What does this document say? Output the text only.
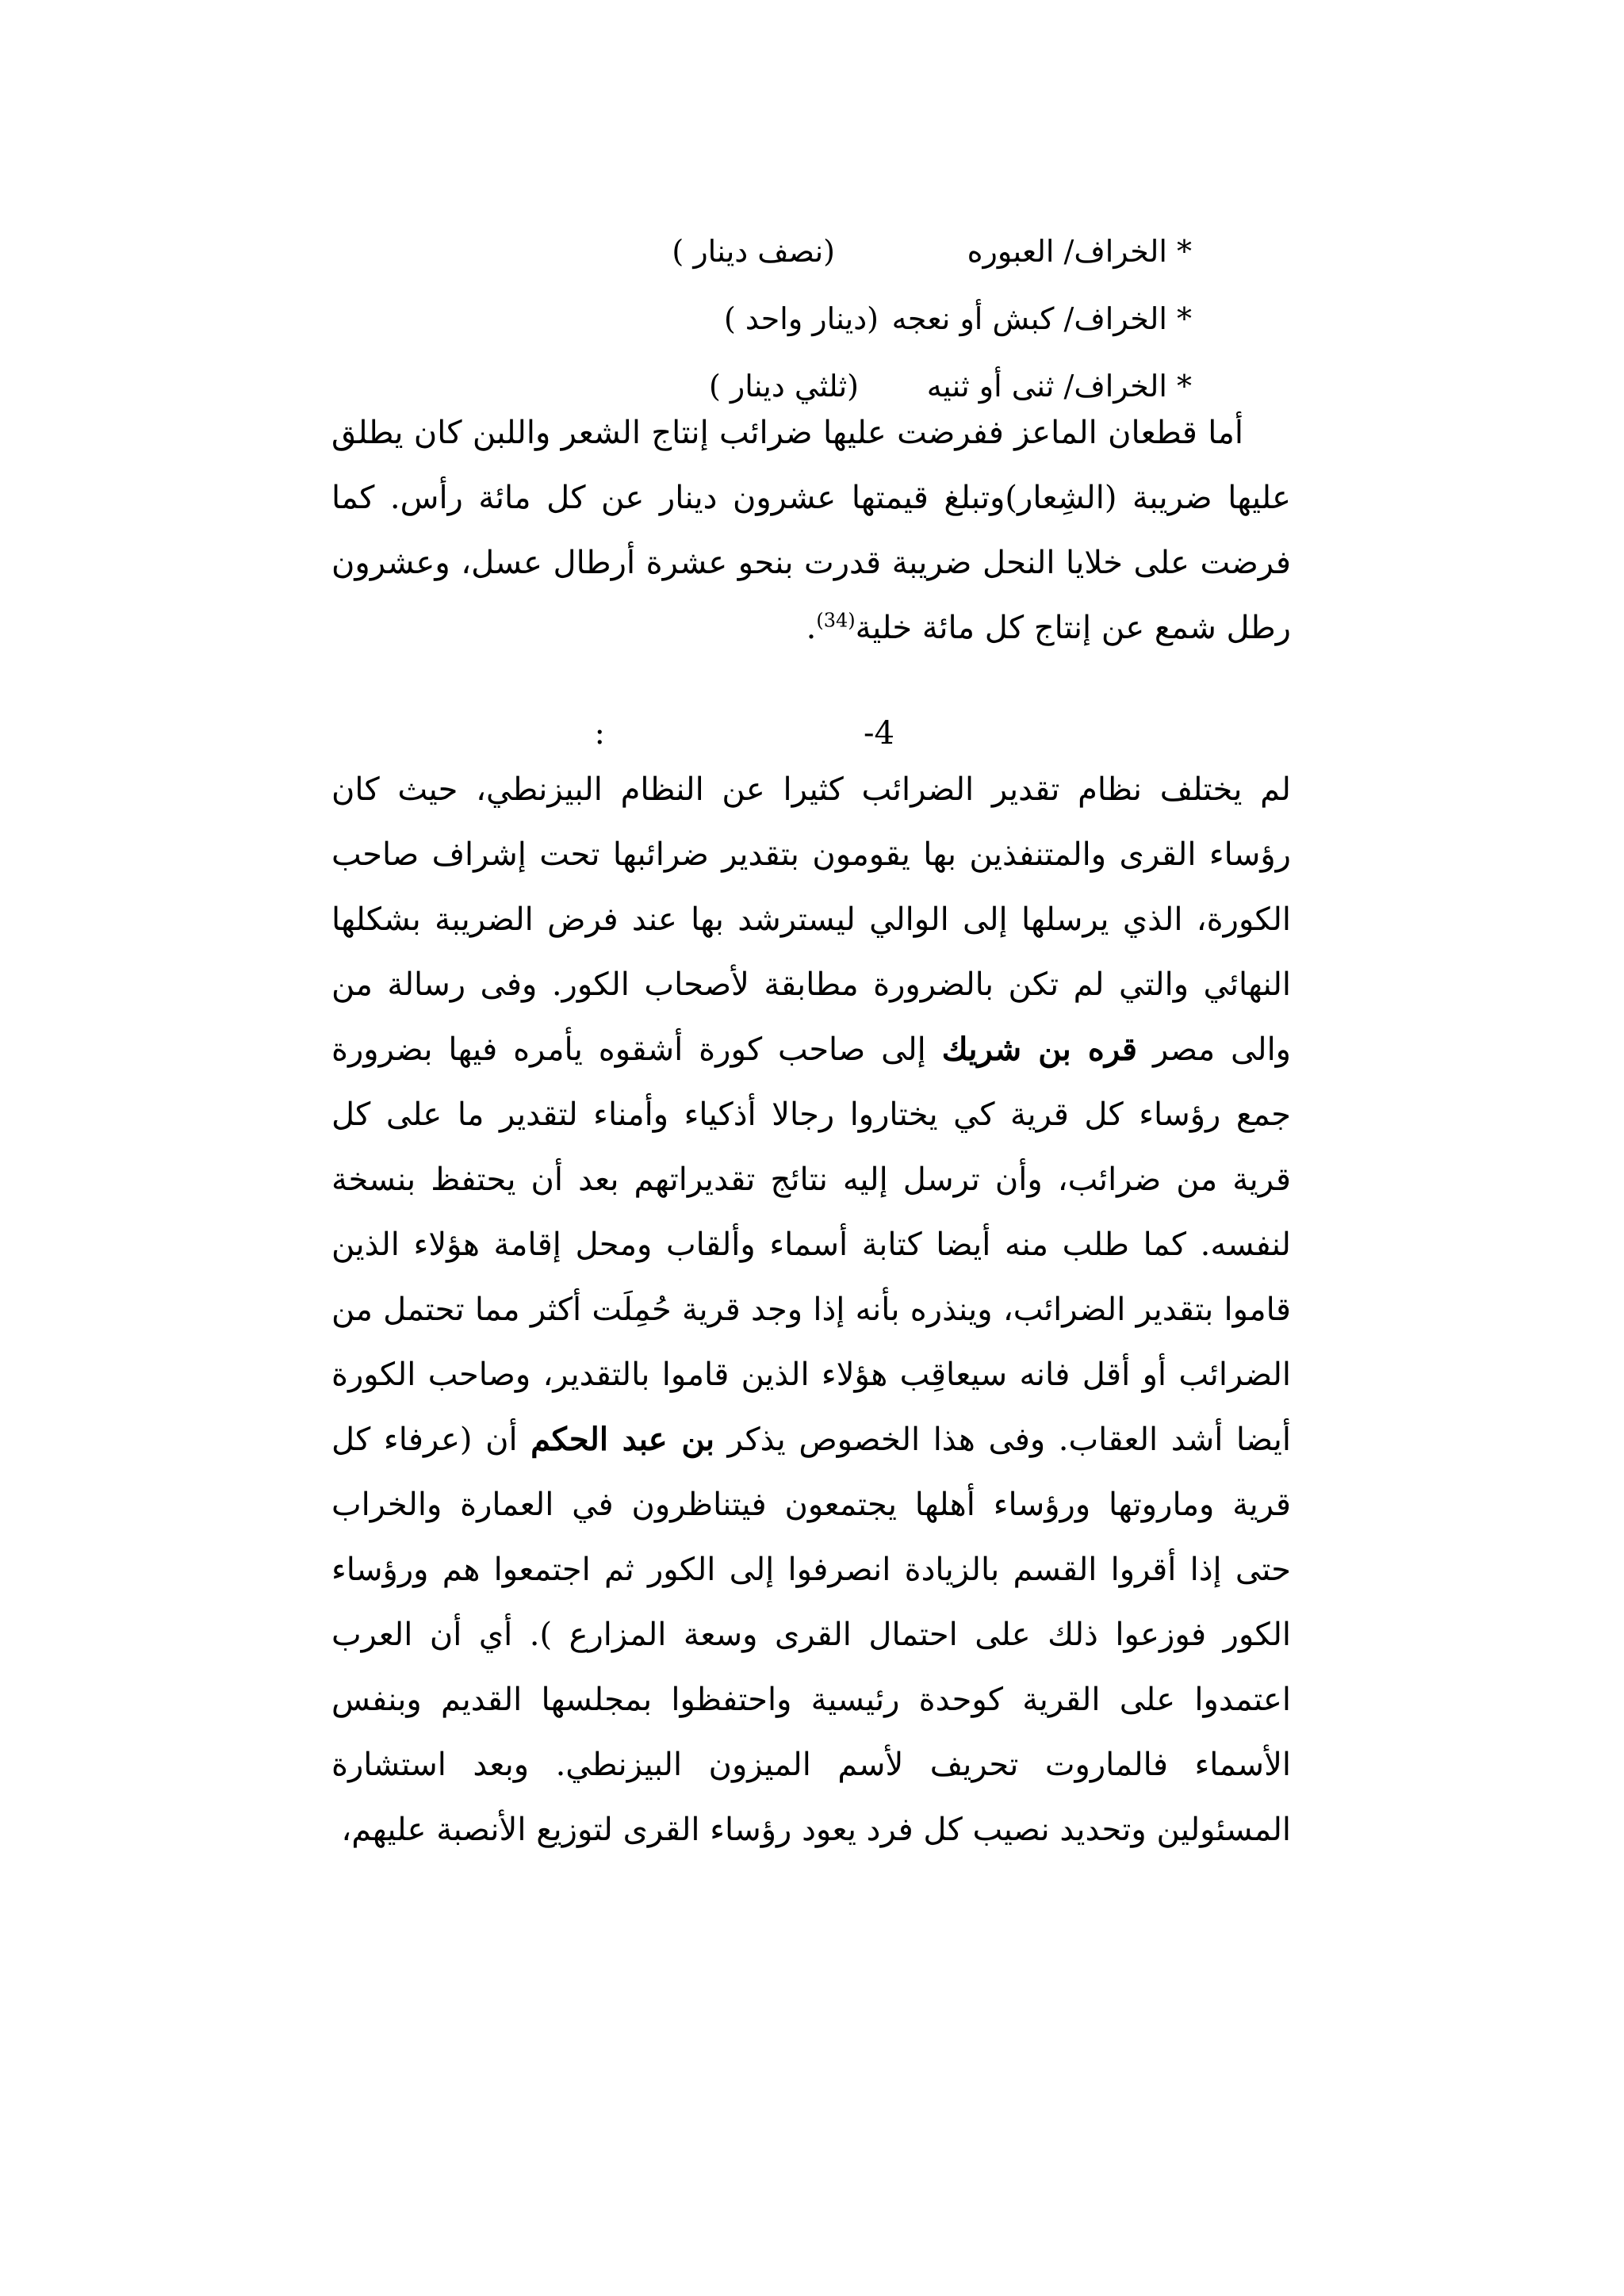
* الخراف/ العبوره
(نصف دينار )
* الخراف/ كبش أو نعجه
(دينار واحد )
* الخراف/ ثنى أو ثنيه
(ثلثي دينار )
أما قطعان الماعز ففرضت عليها ضرائب إنتاج الشعر واللبن كان يطلق عليها ضريبة (الشِعار)وتبلغ قيمتها عشرون دينار عن كل مائة رأس. كما فرضت على خلايا النحل ضريبة قدرت بنحو عشرة أرطال عسل، وعشرون رطل شمع عن إنتاج كل مائة خلية$^{(34)}$.
4-
:
لم يختلف نظام تقدير الضرائب كثيرا عن النظام البيزنطي، حيث كان رؤساء القرى والمتنفذين بها يقومون بتقدير ضرائبها تحت إشراف صاحب الكورة، الذي يرسلها إلى الوالي ليسترشد بها عند فرض الضريبة بشكلها النهائي والتي لم تكن بالضرورة مطابقة لأصحاب الكور. وفى رسالة من والى مصر قره بن شريك إلى صاحب كورة أشقوه يأمره فيها بضرورة جمع رؤساء كل قرية كي يختاروا رجالا أذكياء وأمناء لتقدير ما على كل قرية من ضرائب، وأن ترسل إليه نتائج تقديراتهم بعد أن يحتفظ بنسخة لنفسه. كما طلب منه أيضا كتابة أسماء وألقاب ومحل إقامة هؤلاء الذين قاموا بتقدير الضرائب، وينذره بأنه إذا وجد قرية حُمِلَت أكثر مما تحتمل من الضرائب أو أقل فانه سيعاقِب هؤلاء الذين قاموا بالتقدير، وصاحب الكورة أيضا أشد العقاب. وفى هذا الخصوص يذكر بن عبد الحكم أن (عرفاء كل قرية وماروتها ورؤساء أهلها يجتمعون فيتناظرون في العمارة والخراب حتى إذا أقروا القسم بالزيادة انصرفوا إلى الكور ثم اجتمعوا هم ورؤساء الكور فوزعوا ذلك على احتمال القرى وسعة المزارع ). أي أن العرب اعتمدوا على القرية كوحدة رئيسية واحتفظوا بمجلسها القديم وبنفس الأسماء فالماروت تحريف لأسم الميزون البيزنطي. وبعد استشارة المسئولين وتحديد نصيب كل فرد يعود رؤساء القرى لتوزيع الأنصبة عليهم،
